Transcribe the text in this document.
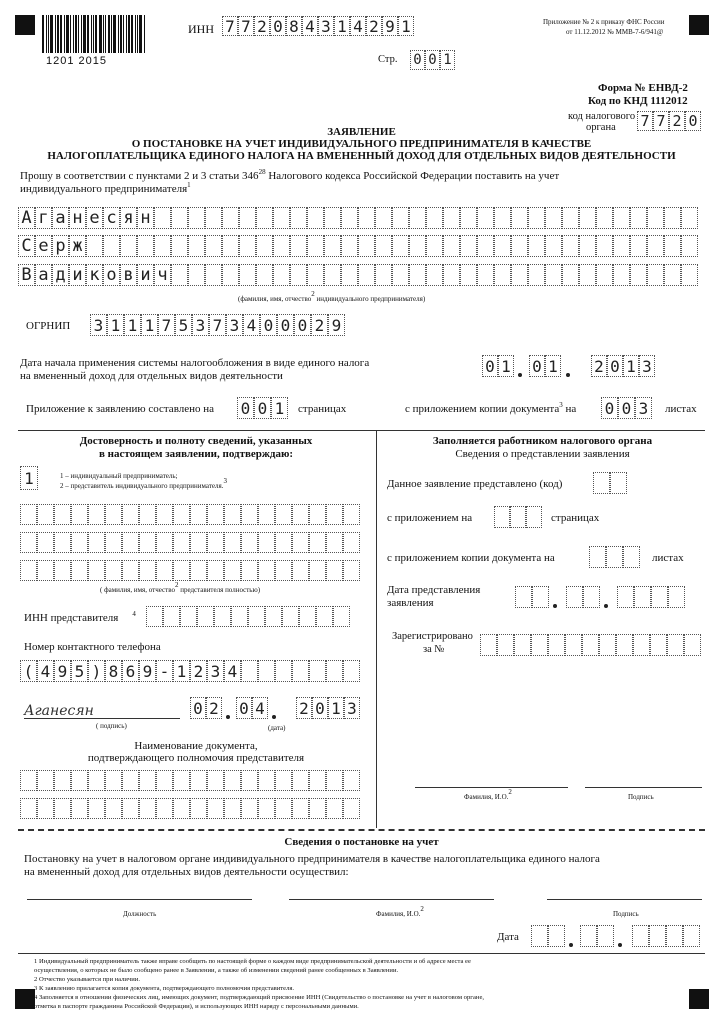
1201 2015
ИНН 7 7 2 0 8 4 3 1 4 2 9 1
Стр. 0 0 1
Приложение № 2 к приказу ФНС России
от 11.12.2012 № ММВ-7-6/941@
Форма № ЕНВД-2
Код по КНД 1112012
код налогового
органа 7 7 2 0
ЗАЯВЛЕНИЕ
О ПОСТАНОВКЕ НА УЧЕТ ИНДИВИДУАЛЬНОГО ПРЕДПРИНИМАТЕЛЯ В КАЧЕСТВЕ
НАЛОГОПЛАТЕЛЬЩИКА ЕДИНОГО НАЛОГА НА ВМЕНЕННЫЙ ДОХОД ДЛЯ ОТДЕЛЬНЫХ ВИДОВ ДЕЯТЕЛЬНОСТИ
Прошу в соответствии с пунктами 2 и 3 статьи $346^{28}$ Налогового кодекса Российской Федерации поставить на учет
индивидуального предпринимателя$^1$
А г а н е с я н
С е р ж
В а д и к о в и ч
(фамилия, имя, отчество2 индивидуального предпринимателя)
ОГРНИП 3 1 1 1 7 5 3 7 3 4 0 0 0 2 9
Дата начала применения системы налогообложения в виде единого налога
на вмененный доход для отдельных видов деятельности
0 1 0 1 2 0 1 3
Приложение к заявлению составлено на 0 0 1	страницах	с приложением копии документа$^3$ на 0 0 3	листах
Достоверность и полноту сведений, указанных
в настоящем заявлении, подтверждаю:
1	1 – индивидуальный предприниматель;
2 – представитель индивидуального предпринимателя.3
( фамилия, имя, отчество2 представителя полностью)
ИНН представителя $^4$
Номер контактного телефона
( 4 9 5 ) 8 6 9 - 1 2 3 4
Аганесян
( подпись)
0 2 0 4 2 0 1 3
(дата)
Наименование документа,
подтверждающего полномочия представителя
Заполняется работником налогового органа
Сведения о представлении заявления
Данное заявление представлено (код)
с приложением на	страницах
с приложением копии документа на	листах
Дата представления
заявления
Зарегистрировано
за №
Фамилия, И.О.2
Подпись
Сведения о постановке на учет
Постановку на учет в налоговом органе индивидуального предпринимателя в качестве налогоплательщика единого налога
на вмененный доход для отдельных видов деятельности осуществил:
Должность	Фамилия, И.О.2
Подпись
Дата
1 Индивидуальный предприниматель также вправе сообщить по настоящей форме о каждом виде предпринимательской деятельности и об адресе места ее
осуществления, о которых не было сообщено ранее в Заявлении, а также об изменении сведений ранее сообщенных в Заявлении.
2 Отчество указывается при наличии.
3 К заявлению прилагается копия документа, подтверждающего полномочия представителя.
4 Заполняется в отношении физических лиц, имеющих документ, подтверждающий присвоение ИНН (Свидетельство о постановке на учет в налоговом органе,
отметка в паспорте гражданина Российской Федерации), и использующих ИНН наряду с персональными данными.
